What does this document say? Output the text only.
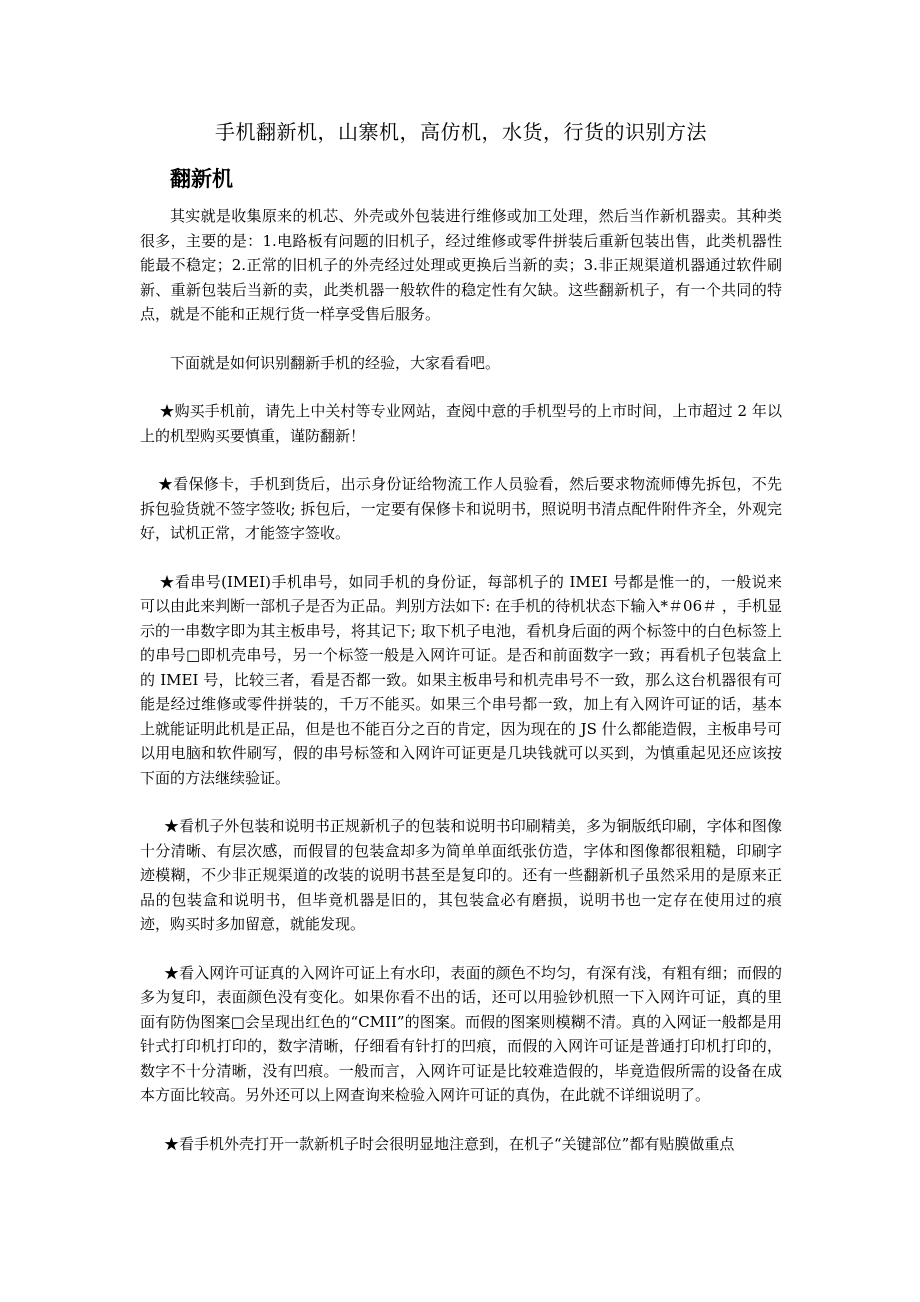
手机翻新机，山寨机，高仿机，水货，行货的识别方法
翻新机

其实就是收集原来的机芯、外壳或外包装进行维修或加工处理，然后当作新机器卖。其种类很多，主要的是：1.电路板有问题的旧机子，经过维修或零件拼装后重新包装出售，此类机器性能最不稳定；2.正常的旧机子的外壳经过处理或更换后当新的卖；3.非正规渠道机器通过软件刷新、重新包装后当新的卖，此类机器一般软件的稳定性有欠缺。这些翻新机子，有一个共同的特点，就是不能和正规行货一样享受售后服务。

下面就是如何识别翻新手机的经验，大家看看吧。

★购买手机前，请先上中关村等专业网站，查阅中意的手机型号的上市时间，上市超过 2 年以上的机型购买要慎重，谨防翻新！

★看保修卡，手机到货后，出示身份证给物流工作人员验看，然后要求物流师傅先拆包，不先拆包验货就不签字签收; 拆包后，一定要有保修卡和说明书，照说明书清点配件附件齐全，外观完好，试机正常，才能签字签收。

★看串号(IMEI)手机串号，如同手机的身份证，每部机子的 IMEI 号都是惟一的，一般说来可以由此来判断一部机子是否为正品。判别方法如下: 在手机的待机状态下输入*＃06＃ ，手机显示的一串数字即为其主板串号，将其记下; 取下机子电池，看机身后面的两个标签中的白色标签上的串号□即机壳串号，另一个标签一般是入网许可证。是否和前面数字一致；再看机子包装盒上的 IMEI 号，比较三者，看是否都一致。如果主板串号和机壳串号不一致，那么这台机器很有可能是经过维修或零件拼装的，千万不能买。如果三个串号都一致，加上有入网许可证的话，基本上就能证明此机是正品，但是也不能百分之百的肯定，因为现在的 JS 什么都能造假，主板串号可以用电脑和软件刷写，假的串号标签和入网许可证更是几块钱就可以买到，为慎重起见还应该按下面的方法继续验证。

★看机子外包装和说明书正规新机子的包装和说明书印刷精美，多为铜版纸印刷，字体和图像十分清晰、有层次感，而假冒的包装盒却多为简单单面纸张仿造，字体和图像都很粗糙，印刷字迹模糊，不少非正规渠道的改装的说明书甚至是复印的。还有一些翻新机子虽然采用的是原来正品的包装盒和说明书，但毕竟机器是旧的，其包装盒必有磨损，说明书也一定存在使用过的痕迹，购买时多加留意，就能发现。

★看入网许可证真的入网许可证上有水印，表面的颜色不均匀，有深有浅，有粗有细；而假的多为复印，表面颜色没有变化。如果你看不出的话，还可以用验钞机照一下入网许可证，真的里面有防伪图案□会呈现出红色的“CMII”的图案。而假的图案则模糊不清。真的入网证一般都是用针式打印机打印的，数字清晰，仔细看有针打的凹痕，而假的入网许可证是普通打印机打印的，数字不十分清晰，没有凹痕。一般而言，入网许可证是比较难造假的，毕竟造假所需的设备在成本方面比较高。另外还可以上网查询来检验入网许可证的真伪，在此就不详细说明了。

★看手机外壳打开一款新机子时会很明显地注意到，在机子“关键部位”都有贴膜做重点
